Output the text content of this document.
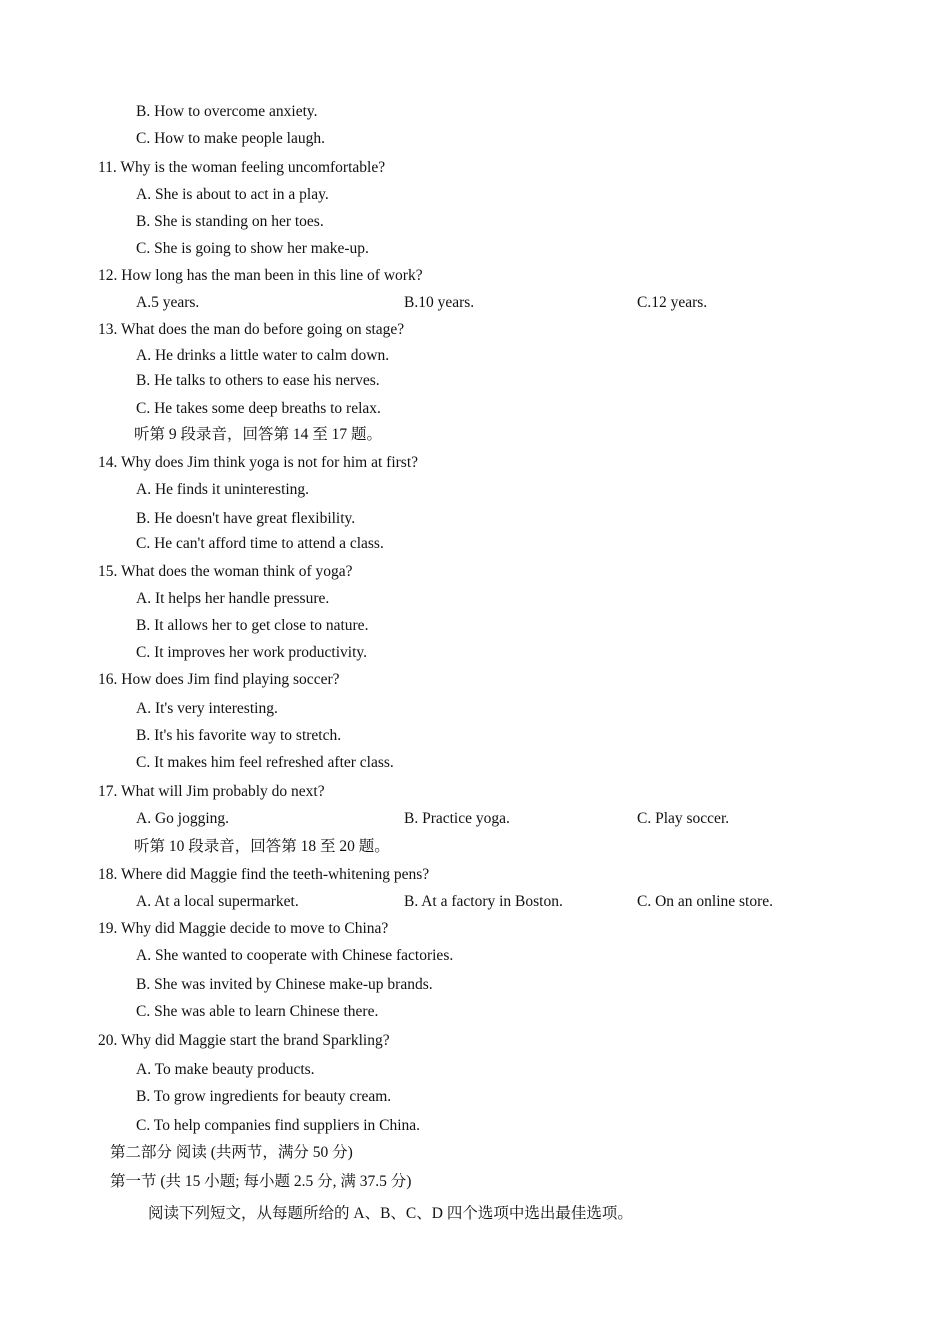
B. How to overcome anxiety.
C. How to make people laugh.
11. Why is the woman feeling uncomfortable?
A. She is about to act in a play.
B. She is standing on her toes.
C. She is going to show her make-up.
12. How long has the man been in this line of work?
A.5 years.	B.10 years.	C.12 years.
13. What does the man do before going on stage?
A. He drinks a little water to calm down.
B. He talks to others to ease his nerves.
C. He takes some deep breaths to relax.
听第 9 段录音，回答第 14 至 17 题。
14. Why does Jim think yoga is not for him at first?
A. He finds it uninteresting.
B. He doesn't have great flexibility.
C. He can't afford time to attend a class.
15. What does the woman think of yoga?
A. It helps her handle pressure.
B. It allows her to get close to nature.
C. It improves her work productivity.
16. How does Jim find playing soccer?
A. It's very interesting.
B. It's his favorite way to stretch.
C. It makes him feel refreshed after class.
17. What will Jim probably do next?
A. Go jogging.	B. Practice yoga.	C. Play soccer.
听第 10 段录音，回答第 18 至 20 题。
18. Where did Maggie find the teeth-whitening pens?
A. At a local supermarket.	B. At a factory in Boston.	C. On an online store.
19. Why did Maggie decide to move to China?
A. She wanted to cooperate with Chinese factories.
B. She was invited by Chinese make-up brands.
C. She was able to learn Chinese there.
20. Why did Maggie start the brand Sparkling?
A. To make beauty products.
B. To grow ingredients for beauty cream.
C. To help companies find suppliers in China.
第二部分 阅读 (共两节，满分 50 分)
第一节 (共 15 小题; 每小题 2.5 分, 满 37.5 分)
阅读下列短文，从每题所给的 A、B、C、D 四个选项中选出最佳选项。
